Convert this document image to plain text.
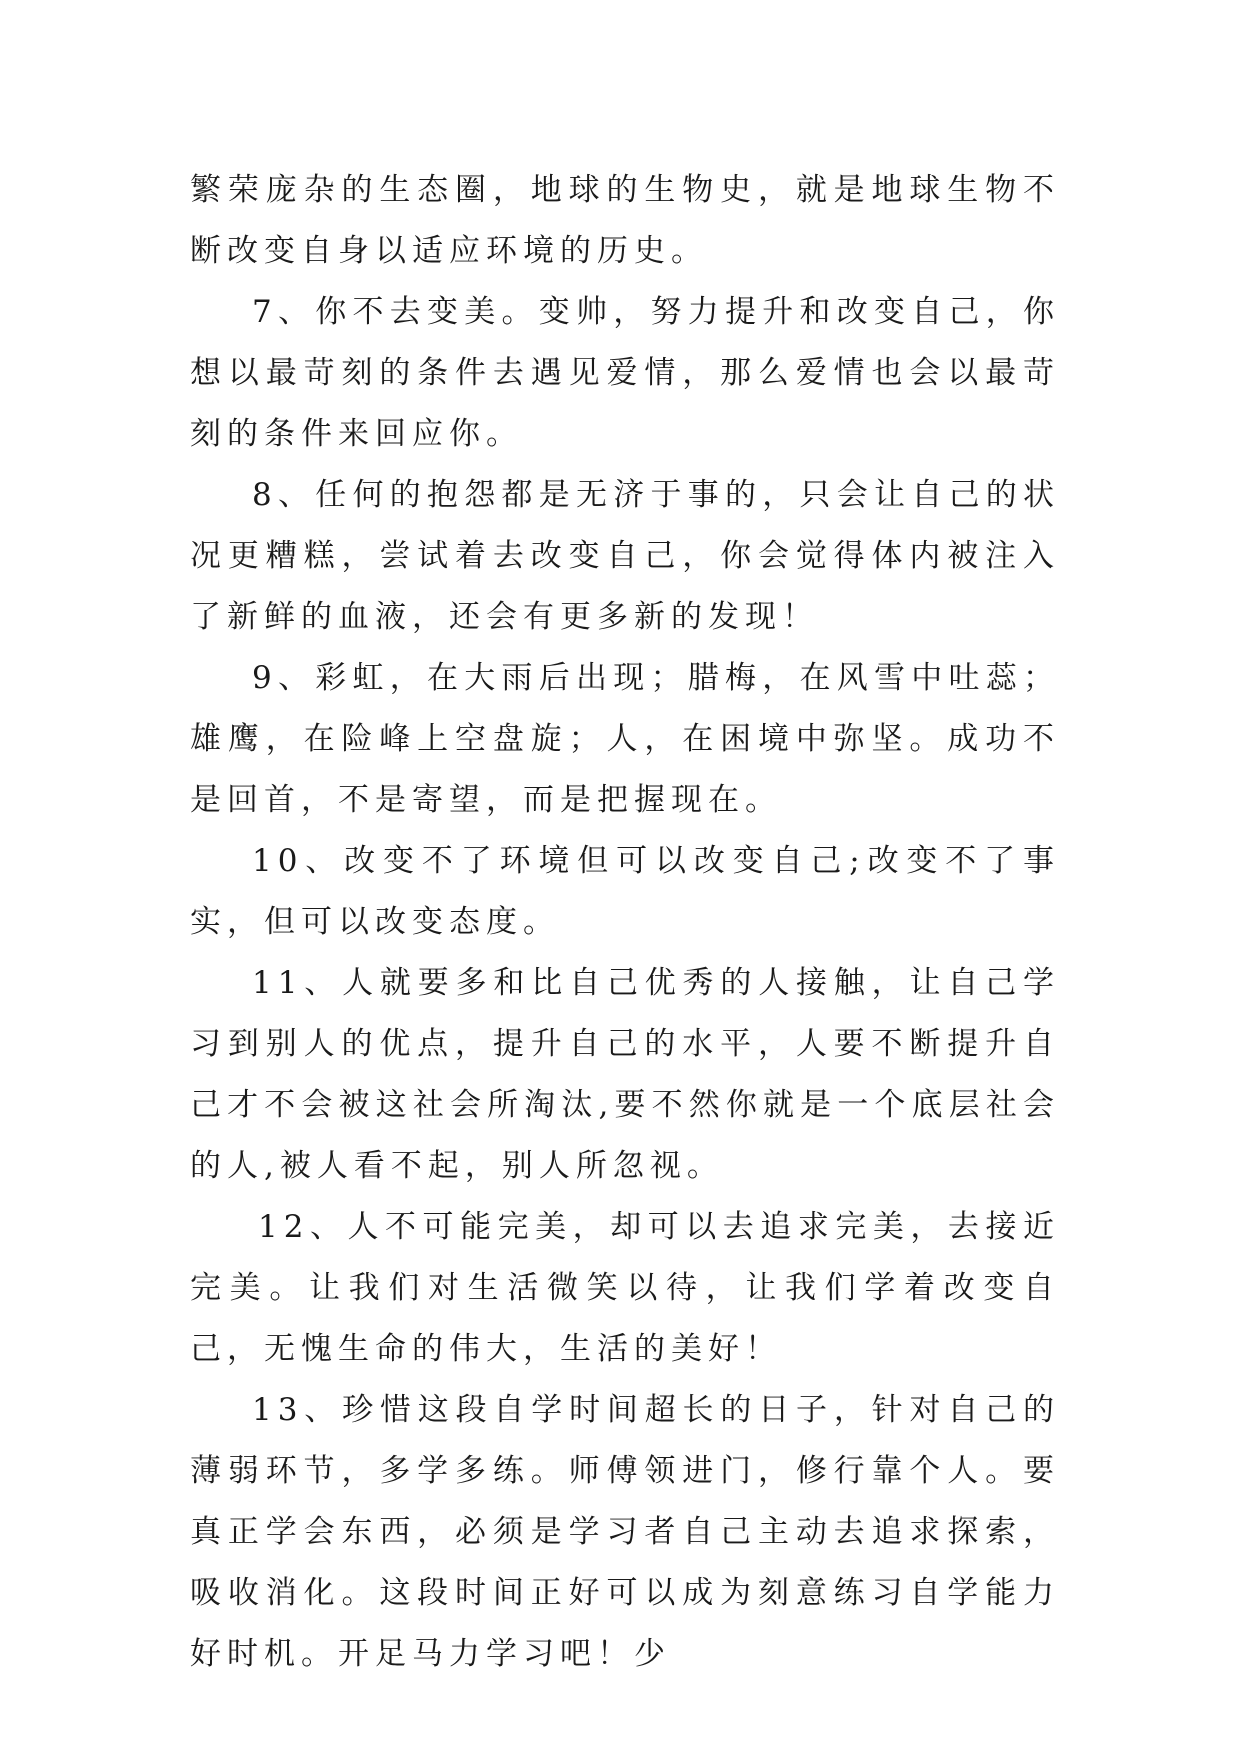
繁荣庞杂的生态圈，地球的生物史，就是地球生物不断改变自身以适应环境的历史。

7、你不去变美。变帅，努力提升和改变自己，你想以最苛刻的条件去遇见爱情，那么爱情也会以最苛刻的条件来回应你。

8、任何的抱怨都是无济于事的，只会让自己的状况更糟糕，尝试着去改变自己，你会觉得体内被注入了新鲜的血液，还会有更多新的发现！

9、彩虹，在大雨后出现；腊梅，在风雪中吐蕊；雄鹰，在险峰上空盘旋；人，在困境中弥坚。成功不是回首，不是寄望，而是把握现在。

10、改变不了环境但可以改变自己;改变不了事实，但可以改变态度。

11、人就要多和比自己优秀的人接触，让自己学习到别人的优点，提升自己的水平，人要不断提升自己才不会被这社会所淘汰,要不然你就是一个底层社会的人,被人看不起，别人所忽视。

12、人不可能完美，却可以去追求完美，去接近完美。让我们对生活微笑以待，让我们学着改变自己，无愧生命的伟大，生活的美好！

13、珍惜这段自学时间超长的日子，针对自己的薄弱环节，多学多练。师傅领进门，修行靠个人。要真正学会东西，必须是学习者自己主动去追求探索，吸收消化。这段时间正好可以成为刻意练习自学能力好时机。开足马力学习吧！少
